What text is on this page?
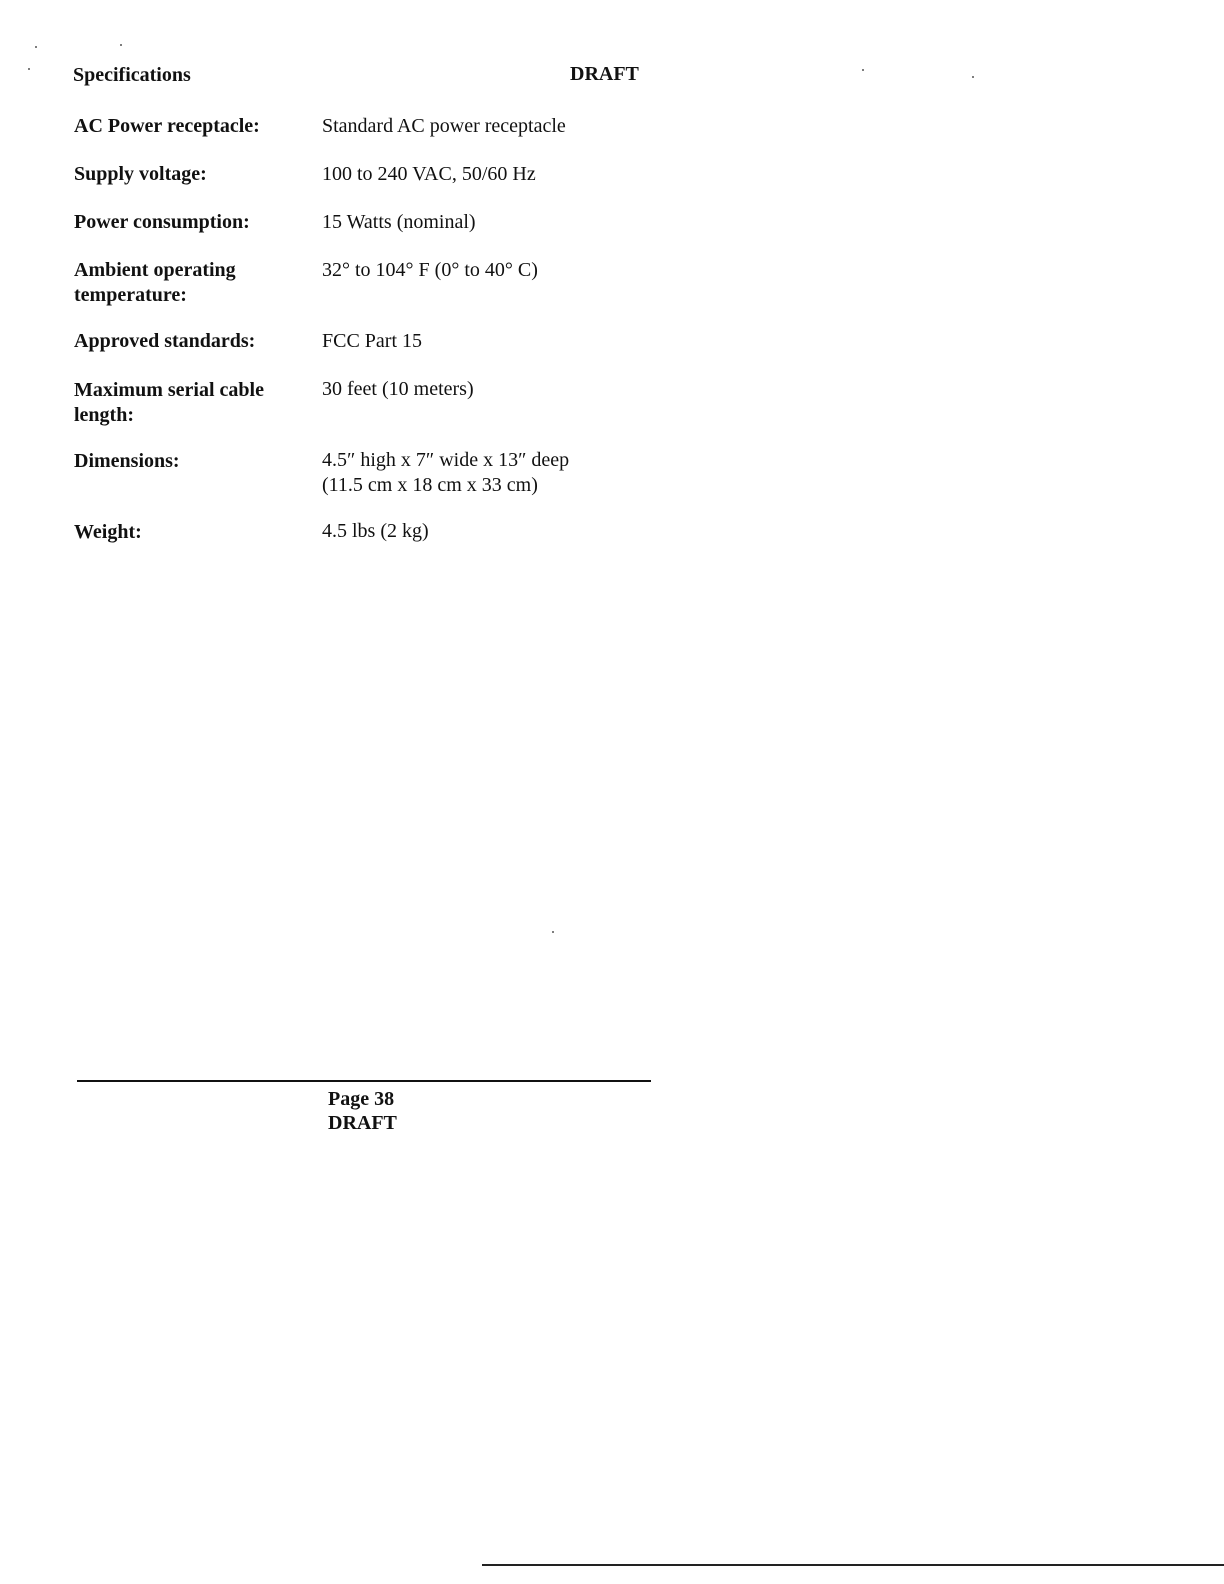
Specifications	DRAFT
AC Power receptacle:	Standard AC power receptacle
Supply voltage:	100 to 240 VAC, 50/60 Hz
Power consumption:	15 Watts (nominal)
Ambient operating
temperature:
32° to 104° F (0° to 40° C)
Approved standards:	FCC Part 15
Maximum serial cable
length:
30 feet (10 meters)
Dimensions:	4.5″ high x 7″ wide x 13″ deep
(11.5 cm x 18 cm x 33 cm)
Weight:	4.5 lbs (2 kg)
Page 38
DRAFT
